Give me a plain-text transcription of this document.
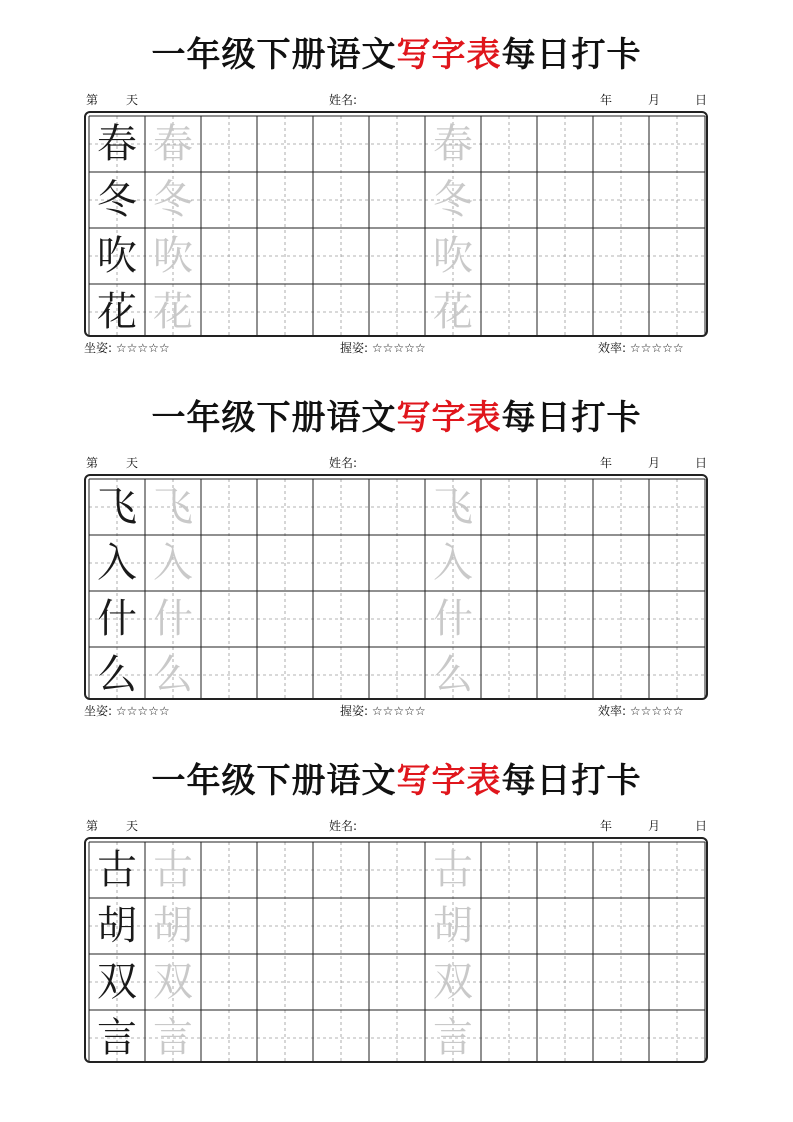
一年级下册语文写字表每日打卡
第 天	姓名:	年	月	日
春 春	春
冬 冬	冬
吹 吹	吹
花 花	花
坐姿: ☆☆☆☆☆	握姿: ☆☆☆☆☆	效率: ☆☆☆☆☆
一年级下册语文写字表每日打卡
第 天	姓名:	年	月	日
飞 飞	飞
入 入	入
什 什	什
么 么	么
坐姿: ☆☆☆☆☆	握姿: ☆☆☆☆☆	效率: ☆☆☆☆☆
一年级下册语文写字表每日打卡
第 天	姓名:	年	月	日
古 古	古
胡 胡	胡
双 双	双
言 言	言
